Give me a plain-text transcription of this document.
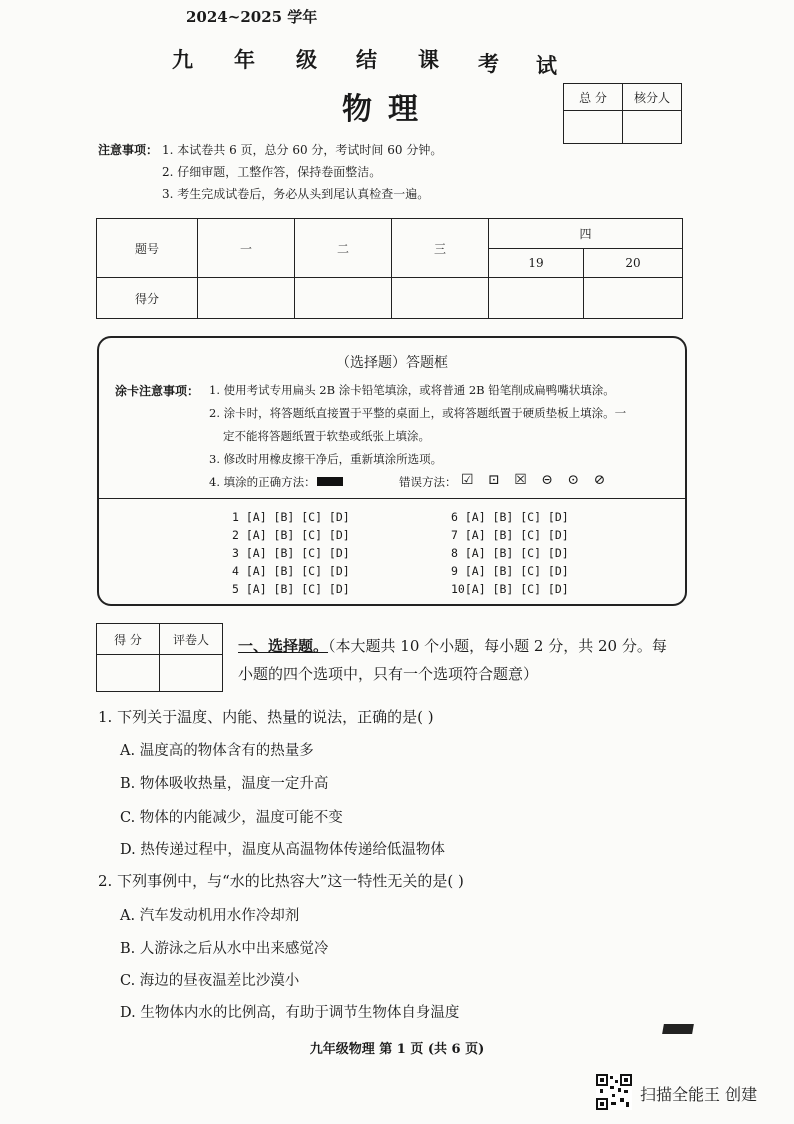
2024~2025 学年
九 年 级 结 课 考 试
物理	总 分	核分人

注意事项： 1. 本试卷共 6 页，总分 60 分，考试时间 60 分钟。
2. 仔细审题，工整作答，保持卷面整洁。
3. 考生完成试卷后，务必从头到尾认真检查一遍。
题号	一	二	三	四	
				19	20
得分					
（选择题）答题框
涂卡注意事项： 1. 使用考试专用扁头 2B 涂卡铅笔填涂，或将普通 2B 铅笔削成扁鸭嘴状填涂。
2. 涂卡时，将答题纸直接置于平整的桌面上，或将答题纸置于硬质垫板上填涂。一
定不能将答题纸置于软垫或纸张上填涂。
3. 修改时用橡皮擦干净后，重新填涂所选项。
4. 填涂的正确方法：	错误方法： ☑ ⊡ ☒ ⊝ ⊙ ⊘
1 [A] [B] [C] [D]
2 [A] [B] [C] [D]
3 [A] [B] [C] [D]
4 [A] [B] [C] [D]
5 [A] [B] [C] [D]
6 [A] [B] [C] [D]
7 [A] [B] [C] [D]
8 [A] [B] [C] [D]
9 [A] [B] [C] [D]
10[A] [B] [C] [D]
得 分	评卷人
	一、选择题。（本大题共 10 个小题，每小题 2 分，共 20 分。每小题的四个选项中，只有一个选项符合题意）
1. 下列关于温度、内能、热量的说法，正确的是( )
A. 温度高的物体含有的热量多
B. 物体吸收热量，温度一定升高
C. 物体的内能减少，温度可能不变
D. 热传递过程中，温度从高温物体传递给低温物体
2. 下列事例中，与“水的比热容大”这一特性无关的是( )
A. 汽车发动机用水作冷却剂
B. 人游泳之后从水中出来感觉冷
C. 海边的昼夜温差比沙漠小
D. 生物体内水的比例高，有助于调节生物体自身温度
九年级物理 第 1 页 (共 6 页)
扫描全能王 创建
